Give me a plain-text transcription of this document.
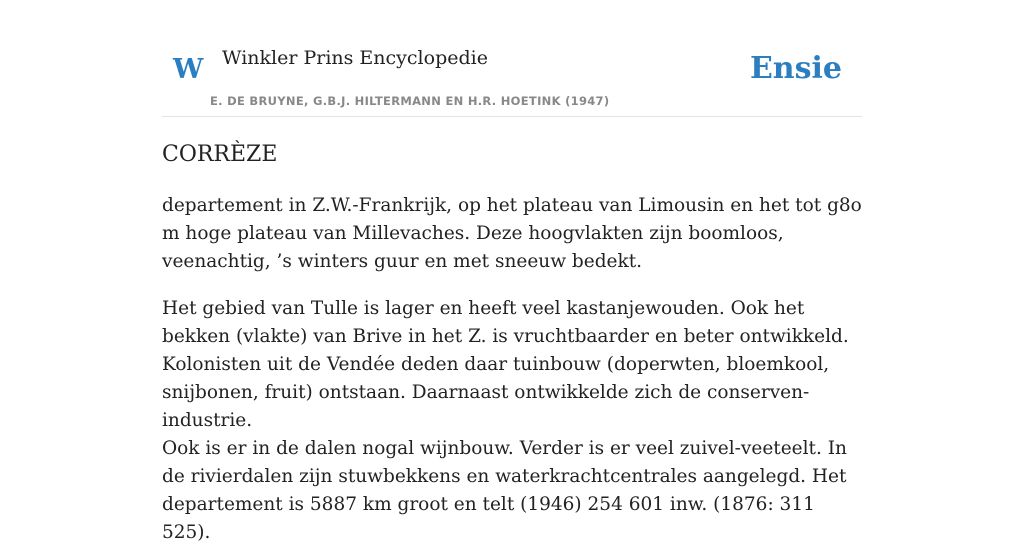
W Winkler Prins Encyclopedie
E. DE BRUYNE, G.B.J. HILTERMANN EN H.R. HOETINK (1947)
Ensie
CORRÈZE

departement in Z.W.-Frankrijk, op het plateau van Limousin en het tot g8o m hoge plateau van Millevaches. Deze hoogvlakten zijn boomloos, veenachtig, ’s winters guur en met sneeuw bedekt.

Het gebied van Tulle is lager en heeft veel kastanjewouden. Ook het bekken (vlakte) van Brive in het Z. is vruchtbaarder en beter ontwikkeld. Kolonisten uit de Vendée deden daar tuinbouw (doperwten, bloemkool, snijbonen, fruit) ontstaan. Daarnaast ontwikkelde zich de conserven-industrie.

Ook is er in de dalen nogal wijnbouw. Verder is er veel zuivel-veeteelt. In de rivierdalen zijn stuwbekkens en waterkrachtcentrales aangelegd. Het departement is 5887 km groot en telt (1946) 254 601 inw. (1876: 311 525).
